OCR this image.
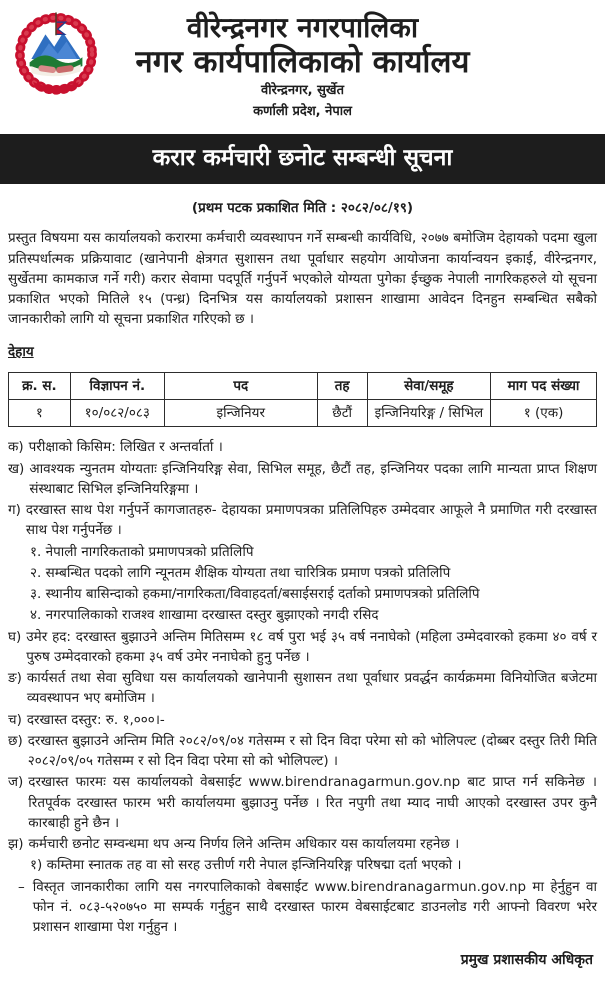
वीरेन्द्रनगर नगरपालिका
नगर कार्यपालिकाको कार्यालय
वीरेन्द्रनगर, सुर्खेत
कर्णाली प्रदेश, नेपाल
करार कर्मचारी छनोट सम्बन्धी सूचना
(प्रथम पटक प्रकाशित मिति : २०८२/०८/१९)

प्रस्तुत विषयमा यस कार्यालयको करारमा कर्मचारी व्यवस्थापन गर्ने सम्बन्धी कार्यविधि, २०७७ बमोजिम देहायको पदमा खुला प्रतिस्पर्धात्मक प्रक्रियावाट (खानेपानी क्षेत्रगत सुशासन तथा पूर्वाधार सहयोग आयोजना कार्यान्वयन इकाई, वीरेन्द्रनगर, सुर्खेतमा कामकाज गर्ने गरी) करार सेवामा पदपूर्ति गर्नुपर्ने भएकोले योग्यता पुगेका ईच्छुक नेपाली नागरिकहरुले यो सूचना प्रकाशित भएको मितिले १५ (पन्ध्र) दिनभित्र यस कार्यालयको प्रशासन शाखामा आवेदन दिनहुन सम्बन्धित सबैको जानकारीको लागि यो सूचना प्रकाशित गरिएको छ ।

देहाय
क्र. स.	विज्ञापन नं.	पद	तह	सेवा/समूह	माग पद संख्या
१	१०/०८२/०८३	इन्जिनियर	छैटौं	इन्जिनियरिङ्ग / सिभिल	१ (एक)
क) परीक्षाको किसिम: लिखित र अन्तर्वार्ता ।
ख) आवश्यक न्युनतम योग्यताः इन्जिनियरिङ्ग सेवा, सिभिल समूह, छैटौं तह, इन्जिनियर पदका लागि मान्यता प्राप्त शिक्षण संस्थाबाट सिभिल इन्जिनियरिङ्गमा ।
ग) दरखास्त साथ पेश गर्नुपर्ने कागजातहरु- देहायका प्रमाणपत्रका प्रतिलिपिहरु उम्मेदवार आफूले नै प्रमाणित गरी दरखास्त साथ पेश गर्नुपर्नेछ ।
१. नेपाली नागरिकताको प्रमाणपत्रको प्रतिलिपि
२. सम्बन्धित पदको लागि न्यूनतम शैक्षिक योग्यता तथा चारित्रिक प्रमाण पत्रको प्रतिलिपि
३. स्थानीय बासिन्दाको हकमा/नागरिकता/विवाहदर्ता/बसाईसराई दर्ताको प्रमाणपत्रको प्रतिलिपि
४. नगरपालिकाको राजश्व शाखामा दरखास्त दस्तुर बुझाएको नगदी रसिद
घ) उमेर हद: दरखास्त बुझाउने अन्तिम मितिसम्म १८ वर्ष पुरा भई ३५ वर्ष ननाघेको (महिला उम्मेदवारको हकमा ४० वर्ष र पुरुष उम्मेदवारको हकमा ३५ वर्ष उमेर ननाघेको हुनु पर्नेछ ।
ङ) कार्यसर्त तथा सेवा सुविधा यस कार्यालयको खानेपानी सुशासन तथा पूर्वाधार प्रवर्द्धन कार्यक्रममा विनियोजित बजेटमा व्यवस्थापन भए बमोजिम ।
च) दरखास्त दस्तुर: रु. १,०००।-
छ) दरखास्त बुझाउने अन्तिम मिति २०८२/०९/०४ गतेसम्म र सो दिन विदा परेमा सो को भोलिपल्ट (दोब्बर दस्तुर तिरी मिति २०८२/०९/०५ गतेसम्म र सो दिन विदा परेमा सो को भोलिपल्ट) ।
ज) दरखास्त फारमः यस कार्यालयको वेबसाईट www.birendranagarmun.gov.np बाट प्राप्त गर्न सकिनेछ । रितपूर्वक दरखास्त फारम भरी कार्यालयमा बुझाउनु पर्नेछ । रित नपुगी तथा म्याद नाघी आएको दरखास्त उपर कुनै कारबाही हुने छैन ।
झ) कर्मचारी छनोट सम्वन्धमा थप अन्य निर्णय लिने अन्तिम अधिकार यस कार्यालयमा रहनेछ ।
१) कम्तिमा स्नातक तह वा सो सरह उत्तीर्ण गरी नेपाल इन्जिनियरिङ्ग परिषद्मा दर्ता भएको ।
– विस्तृत जानकारीका लागि यस नगरपालिकाको वेबसाईट www.birendranagarmun.gov.np मा हेर्नुहुन वा फोन नं. ०८३-५२०७५० मा सम्पर्क गर्नुहुन साथै दरखास्त फारम वेबसाईटबाट डाउनलोड गरी आफ्नो विवरण भरेर प्रशासन शाखामा पेश गर्नुहुन ।
प्रमुख प्रशासकीय अधिकृत
